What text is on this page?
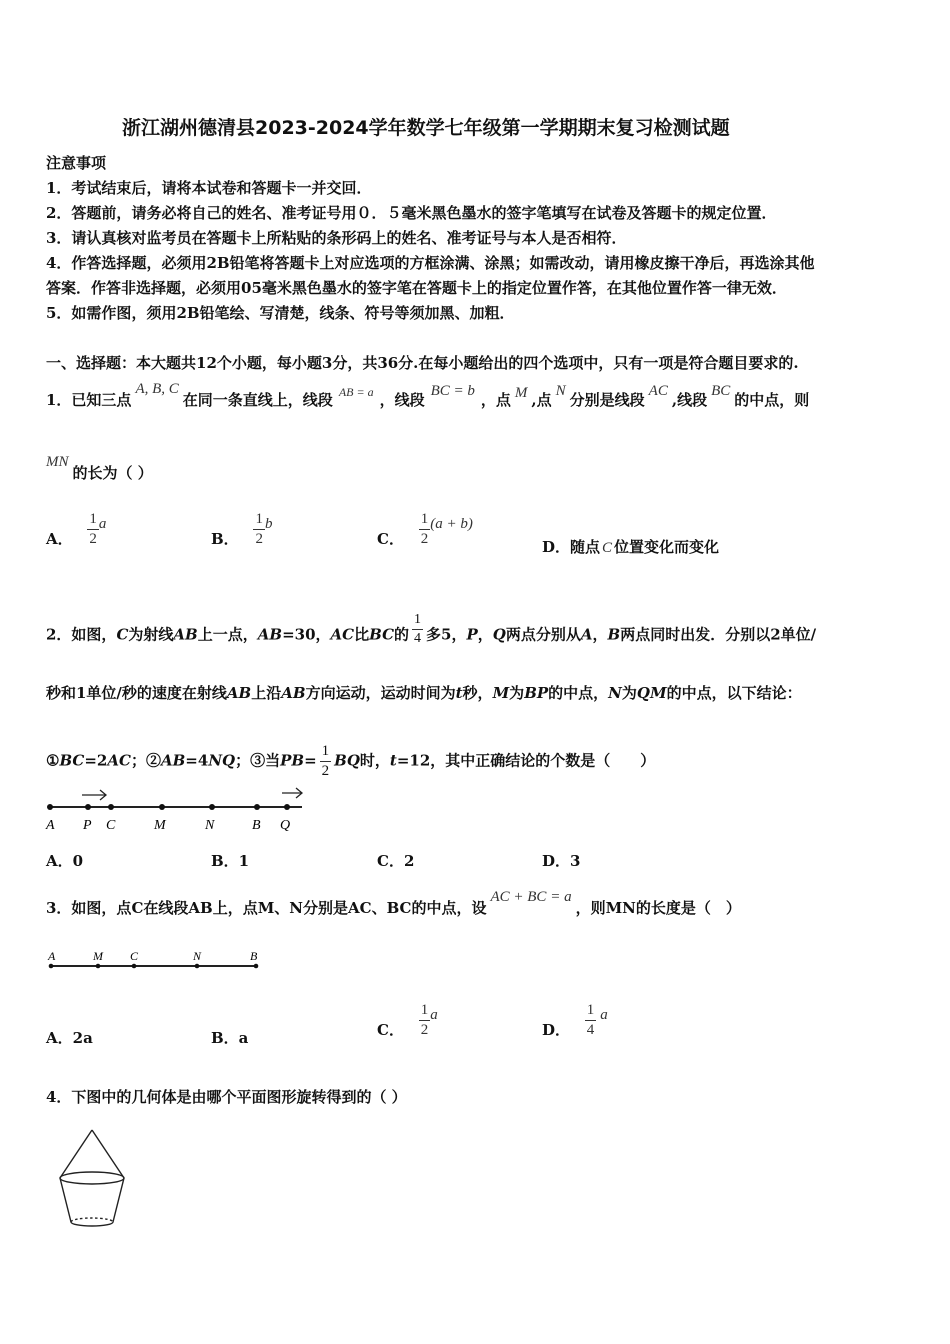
浙江湖州德清县2023-2024学年数学七年级第一学期期末复习检测试题
注意事项
1．考试结束后，请将本试卷和答题卡一并交回．
2．答题前，请务必将自己的姓名、准考证号用０．５毫米黑色墨水的签字笔填写在试卷及答题卡的规定位置．
3．请认真核对监考员在答题卡上所粘贴的条形码上的姓名、准考证号与本人是否相符．
4．作答选择题，必须用2B铅笔将答题卡上对应选项的方框涂满、涂黑；如需改动，请用橡皮擦干净后，再选涂其他
答案．作答非选择题，必须用05毫米黑色墨水的签字笔在答题卡上的指定位置作答，在其他位置作答一律无效．
5．如需作图，须用2B铅笔绘、写清楚，线条、符号等须加黑、加粗．
一、选择题：本大题共12个小题，每小题3分，共36分.在每小题给出的四个选项中，只有一项是符合题目要求的.
1．已知三点A, B, C在同一条直线上，线段 $^{AB = a}$ ，线段 BC = b ，点 M ,点 N 分别是线段 AC ,线段 BC 的中点，则
MN的长为（ ）
A． $\frac{1}{2}$ a
B． $\frac{1}{2}$ b
C． $\frac{1}{2} (a + b)$
D．随点 C 位置变化而变化
2．如图，C为射线AB上一点，AB=30，AC比BC的 $\frac{1}{4}$ 多5，P，Q两点分别从A，B两点同时出发．分别以2单位/
秒和1单位/秒的速度在射线AB上沿AB方向运动，运动时间为t秒，M为BP的中点，N为QM的中点，以下结论：
①BC=2AC；②AB=4NQ；③当$PB= \frac{1}{2}$ BQ时，t=12，其中正确结论的个数是（　　）
A P C	M	N	B Q
A．0	B．1	C．2	D．3
3．如图，点C在线段AB上，点M、N分别是AC、BC的中点，设AC + BC = a，则MN的长度是（　）
A	M C	N	B
A．2a	B．a	C． $\frac{1}{2}$ a
D． $\frac{1}{4}$ a
4．下图中的几何体是由哪个平面图形旋转得到的（ ）
